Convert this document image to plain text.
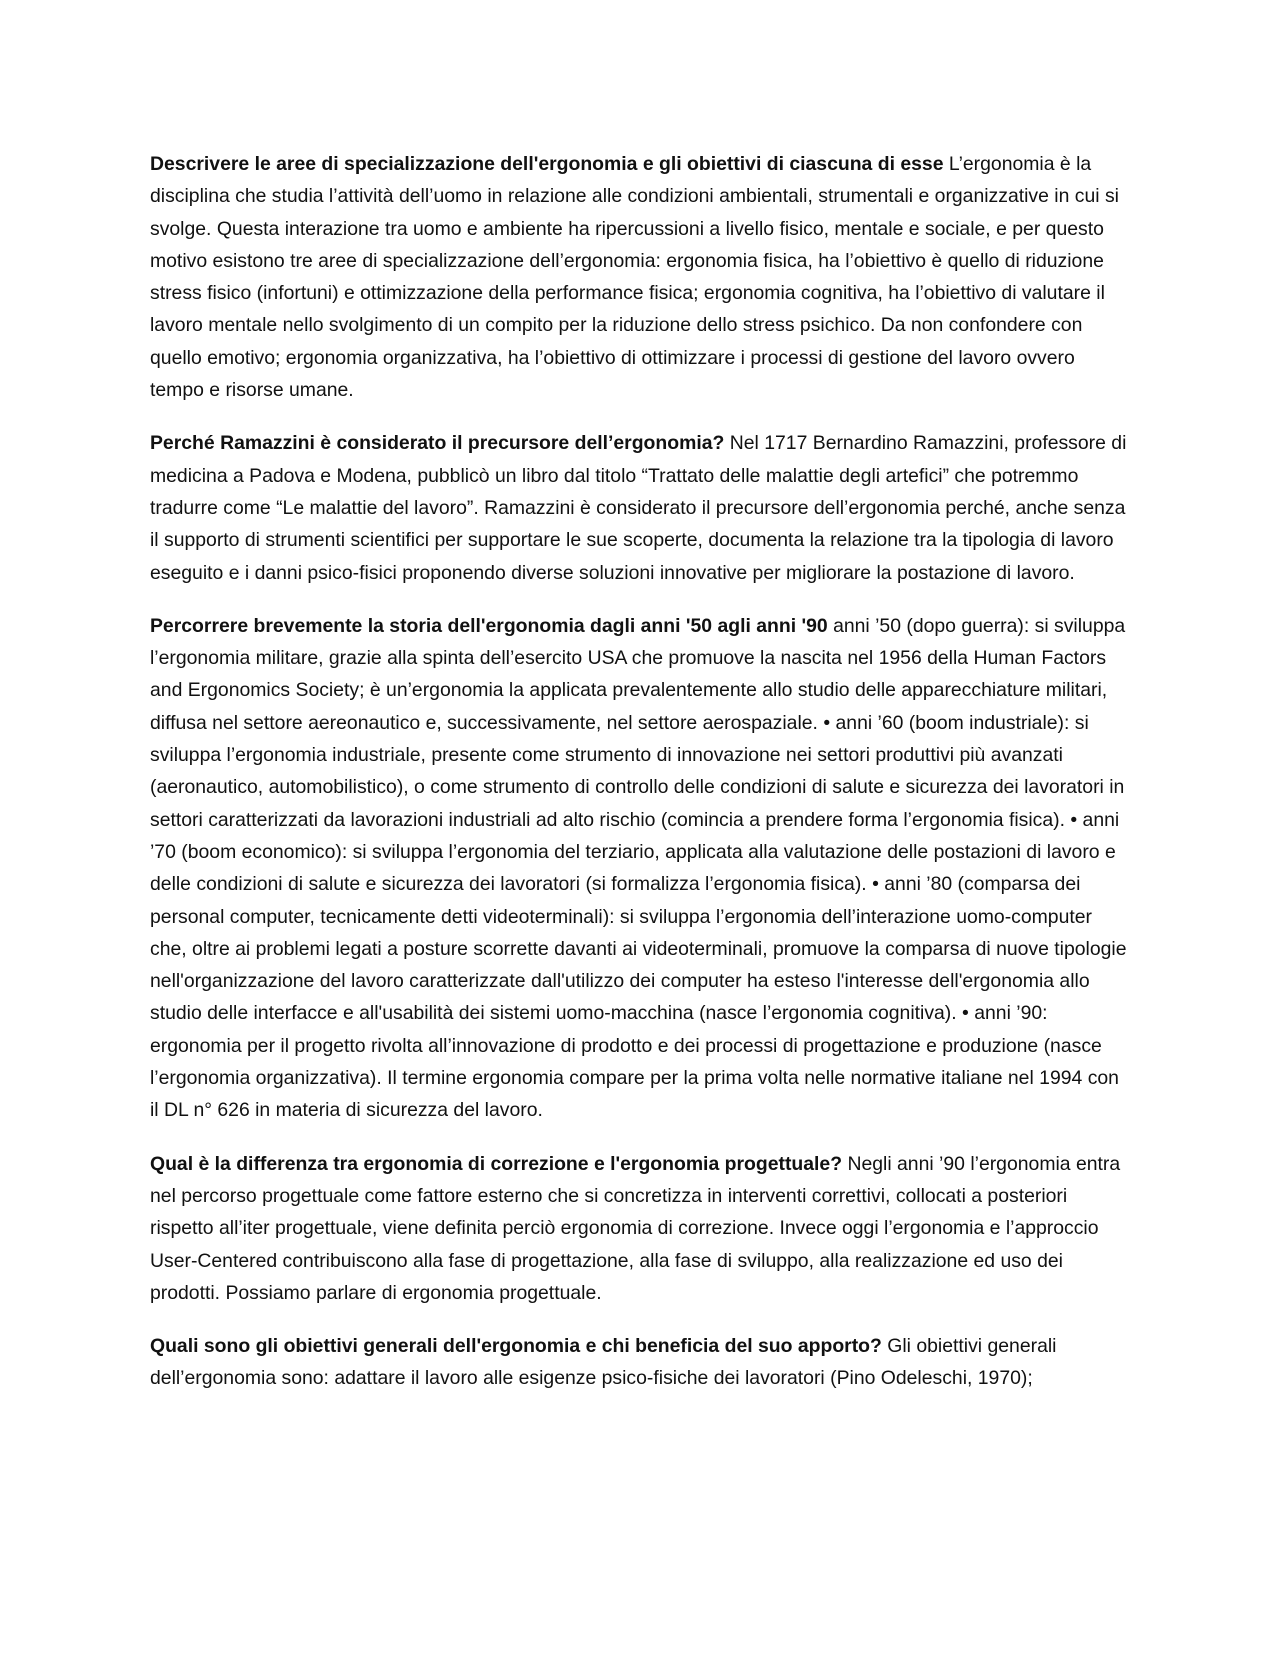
Descrivere le aree di specializzazione dell'ergonomia e gli obiettivi di ciascuna di esse L’ergonomia è la disciplina che studia l’attività dell’uomo in relazione alle condizioni ambientali, strumentali e organizzative in cui si svolge. Questa interazione tra uomo e ambiente ha ripercussioni a livello fisico, mentale e sociale, e per questo motivo esistono tre aree di specializzazione dell’ergonomia: ergonomia fisica, ha l’obiettivo è quello di riduzione stress fisico (infortuni) e ottimizzazione della performance fisica; ergonomia cognitiva, ha l’obiettivo di valutare il lavoro mentale nello svolgimento di un compito per la riduzione dello stress psichico. Da non confondere con quello emotivo; ergonomia organizzativa, ha l’obiettivo di ottimizzare i processi di gestione del lavoro ovvero tempo e risorse umane.

Perché Ramazzini è considerato il precursore dell’ergonomia? Nel 1717 Bernardino Ramazzini, professore di medicina a Padova e Modena, pubblicò un libro dal titolo “Trattato delle malattie degli artefici” che potremmo tradurre come “Le malattie del lavoro”. Ramazzini è considerato il precursore dell’ergonomia perché, anche senza il supporto di strumenti scientifici per supportare le sue scoperte, documenta la relazione tra la tipologia di lavoro eseguito e i danni psico-fisici proponendo diverse soluzioni innovative per migliorare la postazione di lavoro.

Percorrere brevemente la storia dell'ergonomia dagli anni '50 agli anni '90 anni ’50 (dopo guerra): si sviluppa l’ergonomia militare, grazie alla spinta dell’esercito USA che promuove la nascita nel 1956 della Human Factors and Ergonomics Society; è un’ergonomia la applicata prevalentemente allo studio delle apparecchiature militari, diffusa nel settore aereonautico e, successivamente, nel settore aerospaziale. • anni ’60 (boom industriale): si sviluppa l’ergonomia industriale, presente come strumento di innovazione nei settori produttivi più avanzati (aeronautico, automobilistico), o come strumento di controllo delle condizioni di salute e sicurezza dei lavoratori in settori caratterizzati da lavorazioni industriali ad alto rischio (comincia a prendere forma l’ergonomia fisica). • anni ’70 (boom economico): si sviluppa l’ergonomia del terziario, applicata alla valutazione delle postazioni di lavoro e delle condizioni di salute e sicurezza dei lavoratori (si formalizza l’ergonomia fisica). • anni ’80 (comparsa dei personal computer, tecnicamente detti videoterminali): si sviluppa l’ergonomia dell’interazione uomo-computer che, oltre ai problemi legati a posture scorrette davanti ai videoterminali, promuove la comparsa di nuove tipologie nell'organizzazione del lavoro caratterizzate dall'utilizzo dei computer ha esteso l'interesse dell'ergonomia allo studio delle interfacce e all'usabilità dei sistemi uomo-macchina (nasce l’ergonomia cognitiva). • anni ’90: ergonomia per il progetto rivolta all’innovazione di prodotto e dei processi di progettazione e produzione (nasce l’ergonomia organizzativa). Il termine ergonomia compare per la prima volta nelle normative italiane nel 1994 con il DL n° 626 in materia di sicurezza del lavoro.

Qual è la differenza tra ergonomia di correzione e l'ergonomia progettuale? Negli anni ’90 l’ergonomia entra nel percorso progettuale come fattore esterno che si concretizza in interventi correttivi, collocati a posteriori rispetto all’iter progettuale, viene definita perciò ergonomia di correzione. Invece oggi l’ergonomia e l’approccio User-Centered contribuiscono alla fase di progettazione, alla fase di sviluppo, alla realizzazione ed uso dei prodotti. Possiamo parlare di ergonomia progettuale.

Quali sono gli obiettivi generali dell'ergonomia e chi beneficia del suo apporto? Gli obiettivi generali dell’ergonomia sono: adattare il lavoro alle esigenze psico-fisiche dei lavoratori (Pino Odeleschi, 1970);
